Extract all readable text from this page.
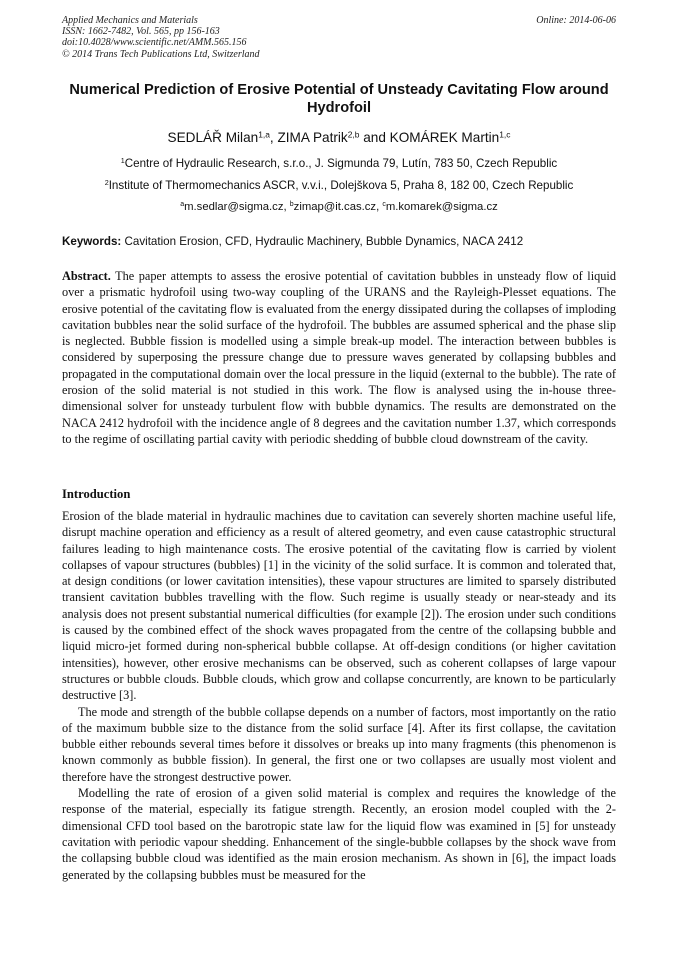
Applied Mechanics and Materials
ISSN: 1662-7482, Vol. 565, pp 156-163
doi:10.4028/www.scientific.net/AMM.565.156
© 2014 Trans Tech Publications Ltd, Switzerland
Online: 2014-06-06
Numerical Prediction of Erosive Potential of Unsteady Cavitating Flow around Hydrofoil
SEDLÁŘ Milan$^{1,a}$, ZIMA Patrik$^{2,b}$ and KOMÁREK Martin$^{1,c}$
$^1$Centre of Hydraulic Research, s.r.o., J. Sigmunda 79, Lutín, 783 50, Czech Republic
$^2$Institute of Thermomechanics ASCR, v.v.i., Dolejškova 5, Praha 8, 182 00, Czech Republic
$^a$m.sedlar@sigma.cz, $^b$zimap@it.cas.cz, $^c$m.komarek@sigma.cz
Keywords: Cavitation Erosion, CFD, Hydraulic Machinery, Bubble Dynamics, NACA 2412
Abstract. The paper attempts to assess the erosive potential of cavitation bubbles in unsteady flow of liquid over a prismatic hydrofoil using two-way coupling of the URANS and the Rayleigh-Plesset equations. The erosive potential of the cavitating flow is evaluated from the energy dissipated during the collapses of imploding cavitation bubbles near the solid surface of the hydrofoil. The bubbles are assumed spherical and the phase slip is neglected. Bubble fission is modelled using a simple break-up model. The interaction between bubbles is considered by superposing the pressure change due to pressure waves generated by collapsing bubbles and propagated in the computational domain over the local pressure in the liquid (external to the bubble). The rate of erosion of the solid material is not studied in this work. The flow is analysed using the in-house three-dimensional solver for unsteady turbulent flow with bubble dynamics. The results are demonstrated on the NACA 2412 hydrofoil with the incidence angle of 8 degrees and the cavitation number 1.37, which corresponds to the regime of oscillating partial cavity with periodic shedding of bubble cloud downstream of the cavity.
Introduction

Erosion of the blade material in hydraulic machines due to cavitation can severely shorten machine useful life, disrupt machine operation and efficiency as a result of altered geometry, and even cause catastrophic structural failures leading to high maintenance costs. The erosive potential of the cavitating flow is carried by violent collapses of vapour structures (bubbles) [1] in the vicinity of the solid surface. It is common and tolerated that, at design conditions (or lower cavitation intensities), these vapour structures are limited to sparsely distributed transient cavitation bubbles travelling with the flow. Such regime is usually steady or near-steady and its analysis does not present substantial numerical difficulties (for example [2]). The erosion under such conditions is caused by the combined effect of the shock waves propagated from the centre of the collapsing bubble and liquid micro-jet formed during non-spherical bubble collapse. At off-design conditions (or higher cavitation intensities), however, other erosive mechanisms can be observed, such as coherent collapses of large vapour structures or bubble clouds. Bubble clouds, which grow and collapse concurrently, are known to be particularly destructive [3].

The mode and strength of the bubble collapse depends on a number of factors, most importantly on the ratio of the maximum bubble size to the distance from the solid surface [4]. After its first collapse, the cavitation bubble either rebounds several times before it dissolves or breaks up into many fragments (this phenomenon is known commonly as bubble fission). In general, the first one or two collapses are usually most violent and therefore have the strongest destructive power.

Modelling the rate of erosion of a given solid material is complex and requires the knowledge of the response of the material, especially its fatigue strength. Recently, an erosion model coupled with the 2-dimensional CFD tool based on the barotropic state law for the liquid flow was examined in [5] for unsteady cavitation with periodic vapour shedding. Enhancement of the single-bubble collapses by the shock wave from the collapsing bubble cloud was identified as the main erosion mechanism. As shown in [6], the impact loads generated by the collapsing bubbles must be measured for the
